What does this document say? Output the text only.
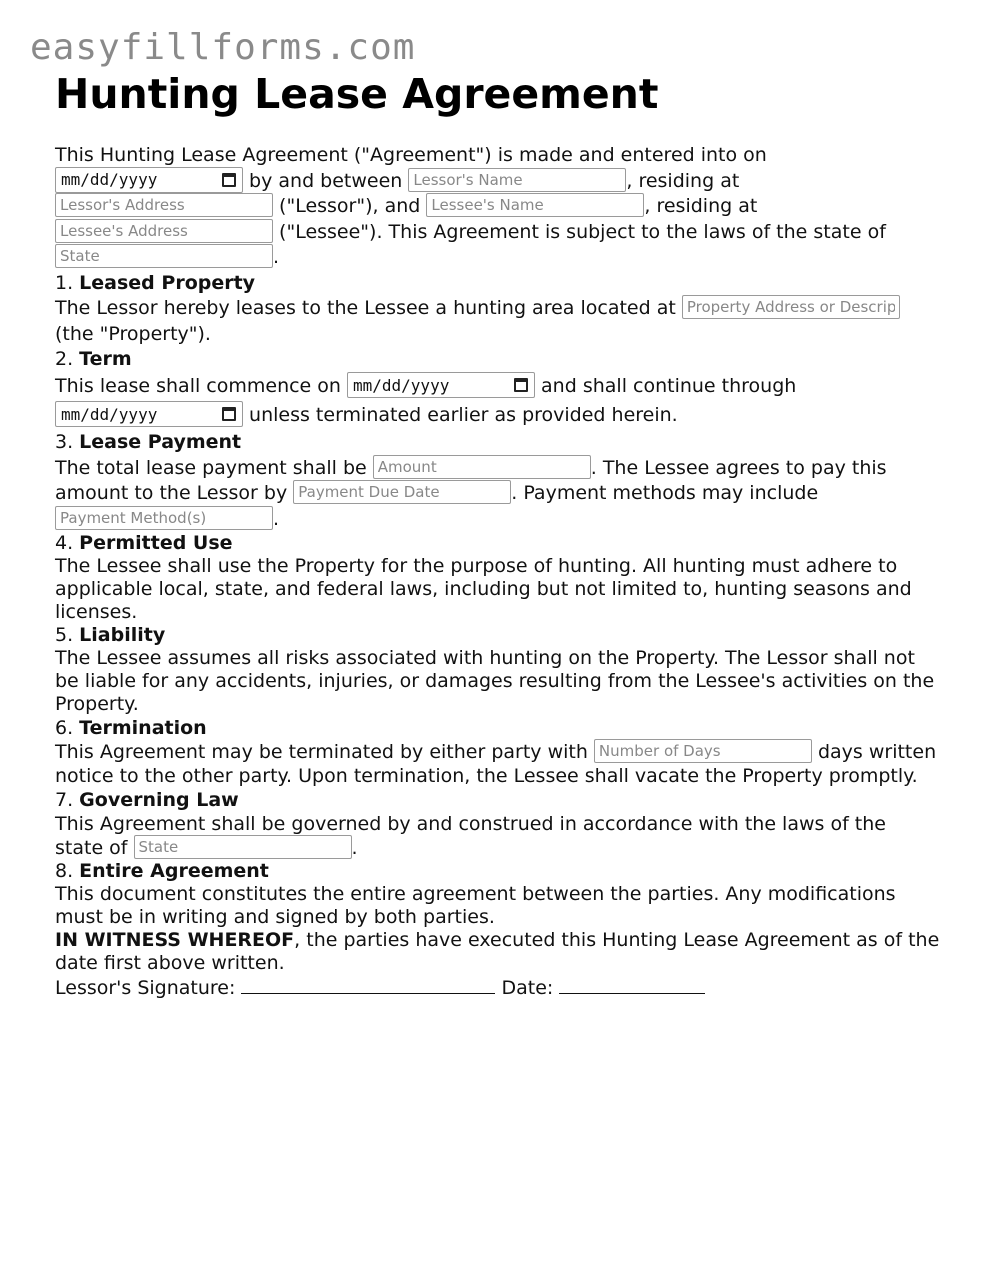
easyfillforms.com
Hunting Lease Agreement

This Hunting Lease Agreement ("Agreement") is made and entered into on

mm/dd/yyyy	by and between Lessor's Name	, residing at
Lessor's Address ("Lessor"), and Lessee's Name	, residing at
Lessee's Address ("Lessee"). This Agreement is subject to the laws of the state of
State.

1. Leased Property
The Lessor hereby leases to the Lessee a hunting area located at Property Address or Description
(the "Property").

2. Term
This lease shall commence on mm/dd/yyyy	and shall continue through

mm/dd/yyyy	unless terminated earlier as provided herein.

3. Lease Payment
The total lease payment shall be Amount	. The Lessee agrees to pay this
amount to the Lessor by Payment Due Date	. Payment methods may include
Payment Method(s).

4. Permitted Use
The Lessee shall use the Property for the purpose of hunting. All hunting must adhere to applicable local, state, and federal laws, including but not limited to, hunting seasons and licenses.

5. Liability
The Lessee assumes all risks associated with hunting on the Property. The Lessor shall not be liable for any accidents, injuries, or damages resulting from the Lessee's activities on the Property.

6. Termination
This Agreement may be terminated by either party with Number of Days	days written notice to the other party. Upon termination, the Lessee shall vacate the Property promptly.

7. Governing Law
This Agreement shall be governed by and construed in accordance with the laws of the state of State	.

8. Entire Agreement
This document constitutes the entire agreement between the parties. Any modifications must be in writing and signed by both parties.

IN WITNESS WHEREOF, the parties have executed this Hunting Lease Agreement as of the date first above written.

Lessor's Signature:	Date:
